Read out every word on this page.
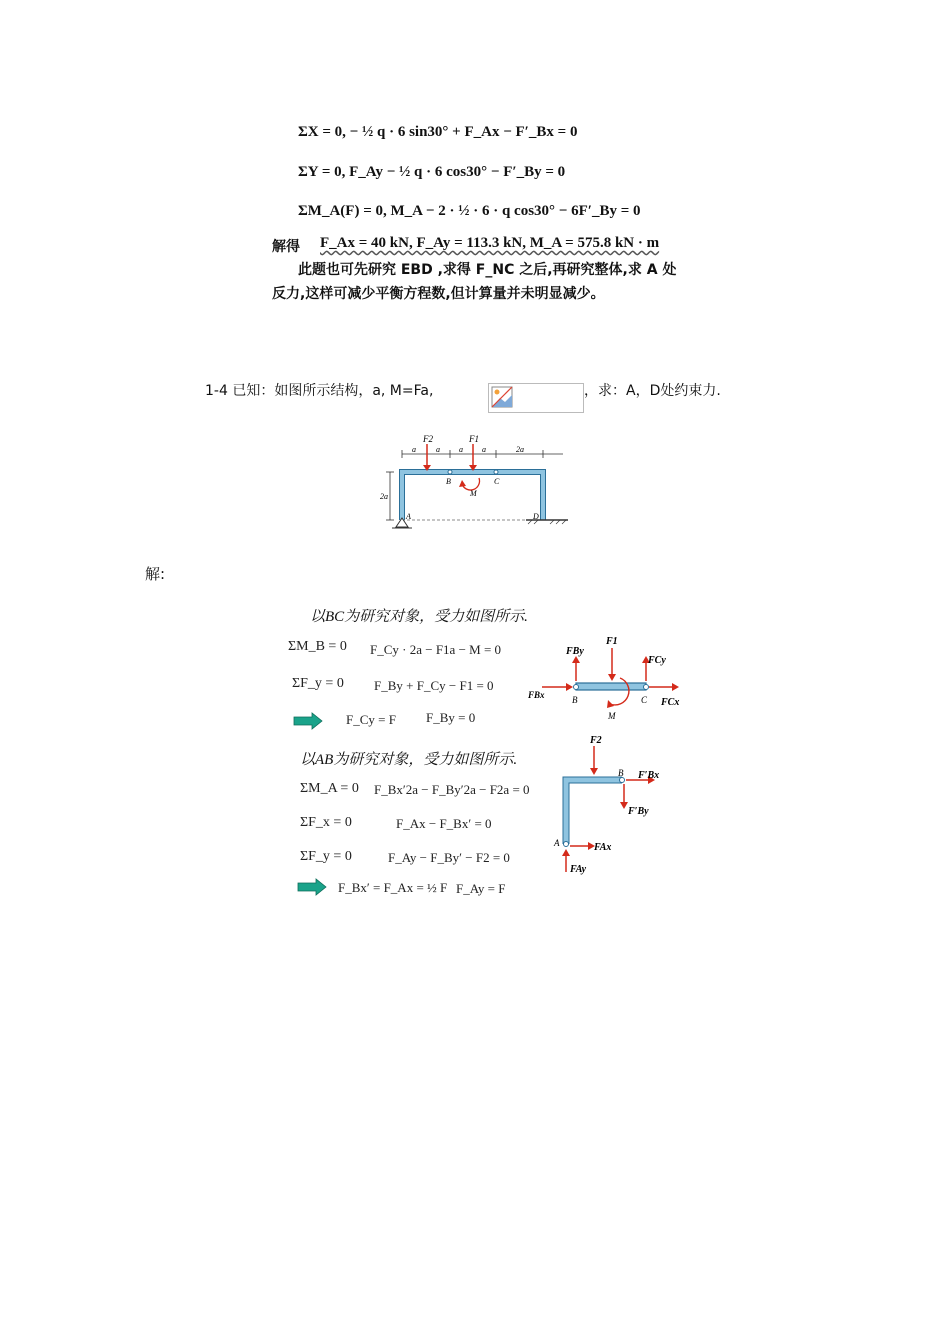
ΣX = 0, − ½ q · 6 sin30° + F_Ax − F′_Bx = 0
ΣY = 0, F_Ay − ½ q · 6 cos30° − F′_By = 0
ΣM_A(F) = 0, M_A − 2 · ½ · 6 · q cos30° − 6F′_By = 0
解得 F_Ax = 40 kN, F_Ay = 113.3 kN, M_A = 575.8 kN · m
此题也可先研究 EBD ,求得 F_NC 之后,再研究整体,求 A 处
反力,这样可减少平衡方程数,但计算量并未明显减少。
1-4 已知：如图所示结构，a, M=Fa,	，求：A，D处约束力.
F2	F1
a	a a a	2a
2a
B	C
M
A	D
解:
以BC为研究对象，受力如图所示.
ΣM_B = 0 F_Cy · 2a − F1a − M = 0
ΣF_y = 0 F_By + F_Cy − F1 = 0
F_Cy = F F_By = 0
FBy
F1
FCy
FBx	B	C FCx
M
以AB为研究对象，受力如图所示.
ΣM_A = 0 F_Bx′2a − F_By′2a − F2a = 0
ΣF_x = 0	F_Ax − F_Bx′ = 0
ΣF_y = 0	F_Ay − F_By′ − F2 = 0
F_Bx′ = F_Ax = ½ F F_Ay = F
F2
B F′Bx
F′By
A	FAx
FAy
